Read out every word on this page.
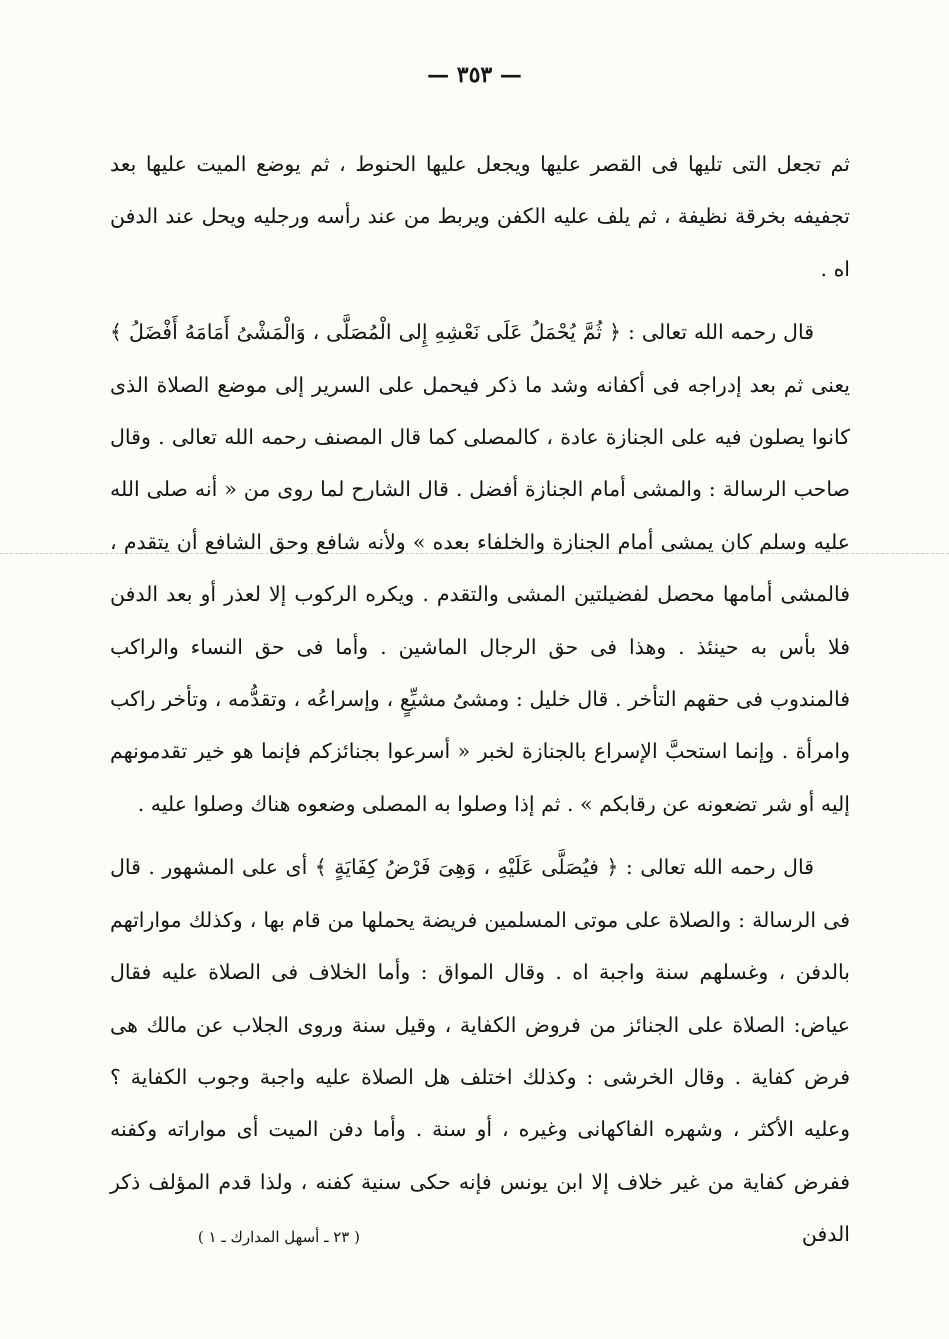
— ٣٥٣ —

ثم تجعل التى تليها فى القصر عليها ويجعل عليها الحنوط ، ثم يوضع الميت عليها بعد تجفيفه بخرقة نظيفة ، ثم يلف عليه الكفن ويربط من عند رأسه ورجليه ويحل عند الدفن اه .

قال رحمه الله تعالى : ﴿ ثُمَّ يُحْمَلُ عَلَى نَعْشِهِ إِلى الْمُصَلَّى ، وَالْمَشْىُ أَمَامَهُ أَفْضَلُ ﴾ يعنى ثم بعد إدراجه فى أكفانه وشد ما ذكر فيحمل على السرير إلى موضع الصلاة الذى كانوا يصلون فيه على الجنازة عادة ، كالمصلى كما قال المصنف رحمه الله تعالى . وقال صاحب الرسالة : والمشى أمام الجنازة أفضل . قال الشارح لما روى من « أنه صلى الله عليه وسلم كان يمشى أمام الجنازة والخلفاء بعده » ولأنه شافع وحق الشافع أن يتقدم ، فالمشى أمامها محصل لفضيلتين المشى والتقدم . ويكره الركوب إلا لعذر أو بعد الدفن فلا بأس به حينئذ . وهذا فى حق الرجال الماشين . وأما فى حق النساء والراكب فالمندوب فى حقهم التأخر . قال خليل : ومشىُ مشيِّعٍ ، وإسراعُه ، وتقدُّمه ، وتأخر راكب وامرأة . وإنما استحبَّ الإسراع بالجنازة لخبر « أسرعوا بجنائزكم فإنما هو خير تقدمونهم إليه أو شر تضعونه عن رقابكم » . ثم إذا وصلوا به المصلى وضعوه هناك وصلوا عليه .

قال رحمه الله تعالى : ﴿ فيُصَلَّى عَلَيْهِ ، وَهِىَ فَرْضُ كِفَايَةٍ ﴾ أى على المشهور . قال فى الرسالة : والصلاة على موتى المسلمين فريضة يحملها من قام بها ، وكذلك مواراتهم بالدفن ، وغسلهم سنة واجبة اه . وقال المواق : وأما الخلاف فى الصلاة عليه فقال عياض: الصلاة على الجنائز من فروض الكفاية ، وقيل سنة وروى الجلاب عن مالك هى فرض كفاية . وقال الخرشى : وكذلك اختلف هل الصلاة عليه واجبة وجوب الكفاية ؟ وعليه الأكثر ، وشهره الفاكهانى وغيره ، أو سنة . وأما دفن الميت أى مواراته وكفنه ففرض كفاية من غير خلاف إلا ابن يونس فإنه حكى سنية كفنه ، ولذا قدم المؤلف ذكر الدفن

( ٢٣ ـ أسهل المدارك ـ ١ )
